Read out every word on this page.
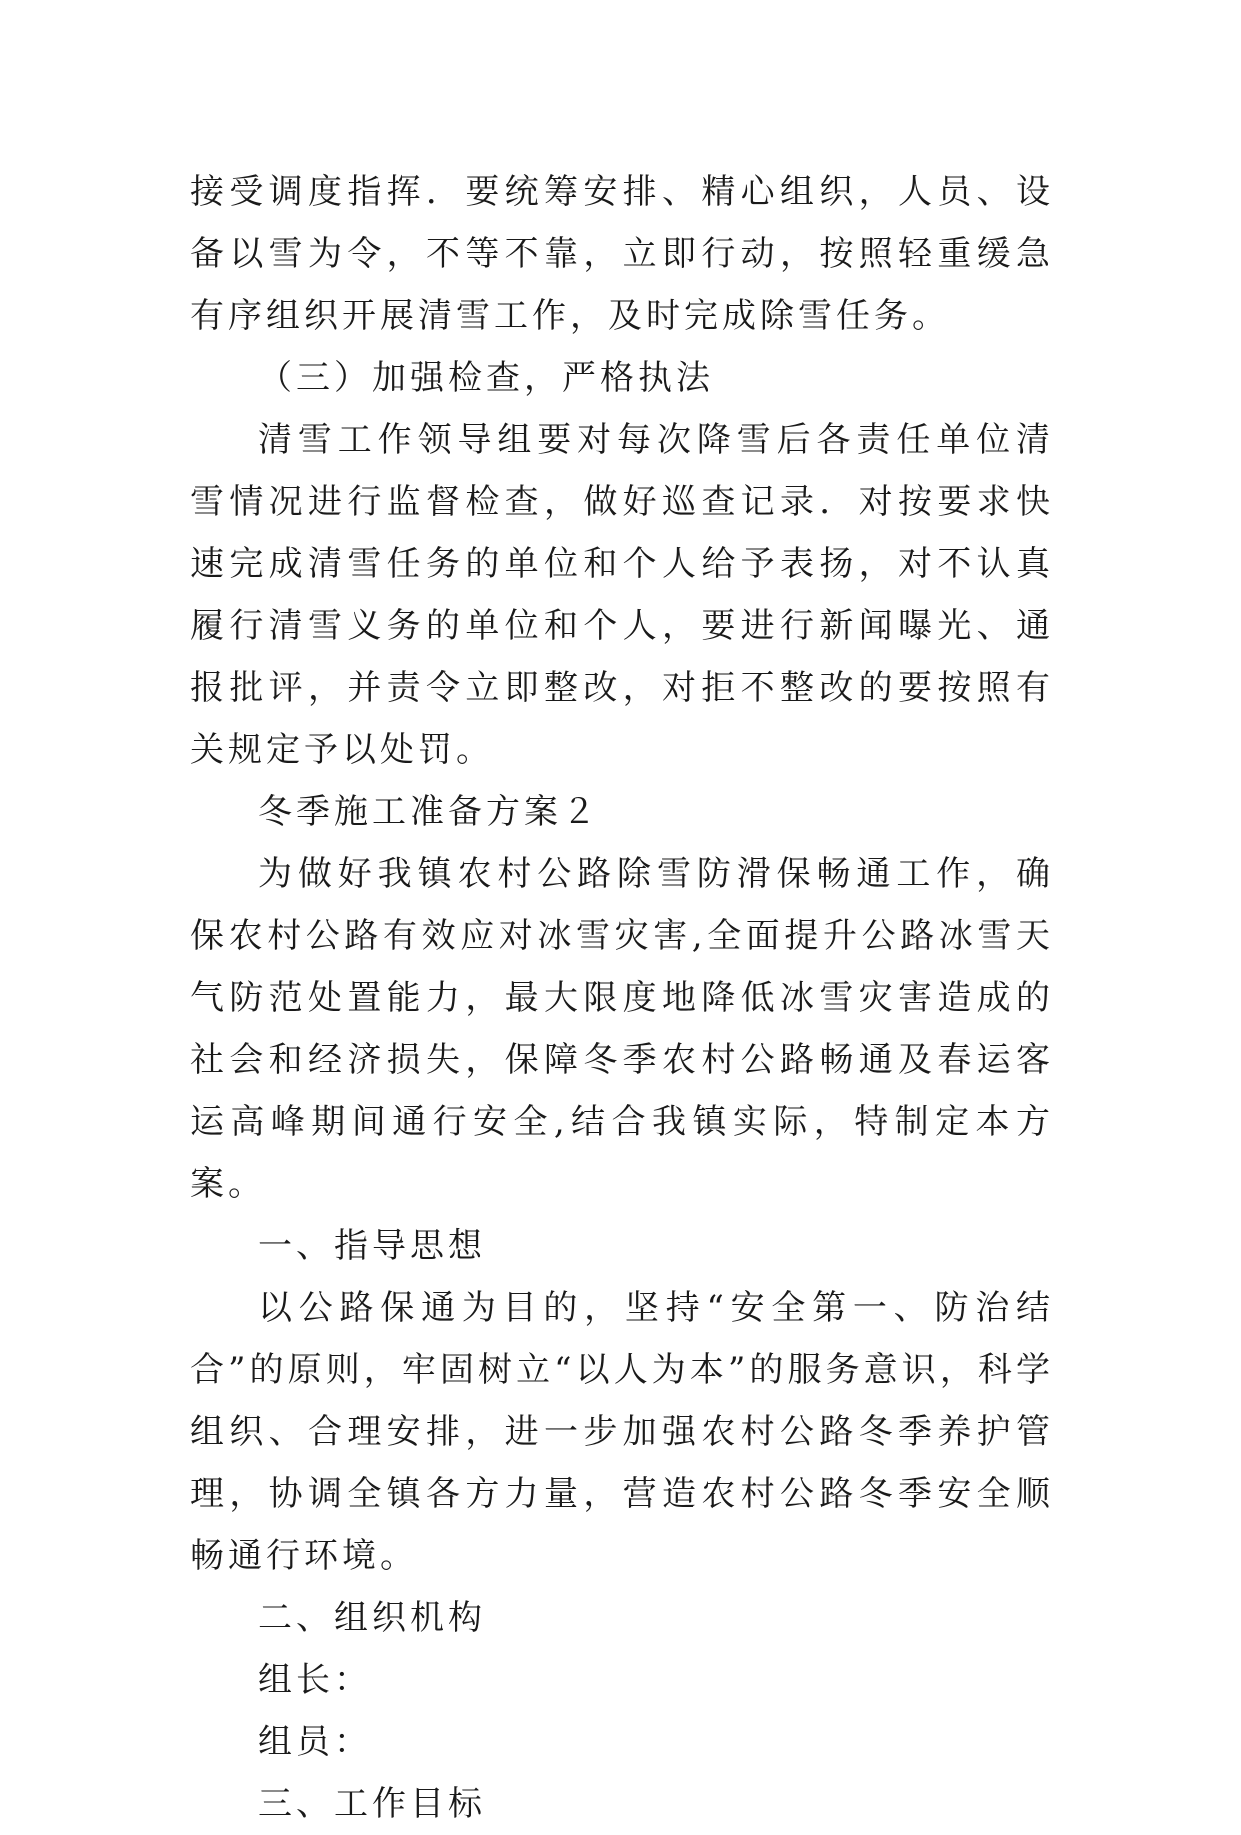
接受调度指挥．要统筹安排、精心组织，人员、设备以雪为令，不等不靠，立即行动，按照轻重缓急有序组织开展清雪工作，及时完成除雪任务。

（三）加强检查，严格执法

清雪工作领导组要对每次降雪后各责任单位清雪情况进行监督检查，做好巡查记录．对按要求快速完成清雪任务的单位和个人给予表扬，对不认真履行清雪义务的单位和个人，要进行新闻曝光、通报批评，并责令立即整改，对拒不整改的要按照有关规定予以处罚。

冬季施工准备方案２

为做好我镇农村公路除雪防滑保畅通工作，确保农村公路有效应对冰雪灾害,全面提升公路冰雪天气防范处置能力，最大限度地降低冰雪灾害造成的社会和经济损失，保障冬季农村公路畅通及春运客运高峰期间通行安全,结合我镇实际，特制定本方案。

一、指导思想

以公路保通为目的，坚持“安全第一、防治结合”的原则，牢固树立“以人为本”的服务意识，科学组织、合理安排，进一步加强农村公路冬季养护管理，协调全镇各方力量，营造农村公路冬季安全顺畅通行环境。

二、组织机构

组长：

组员：

三、工作目标
